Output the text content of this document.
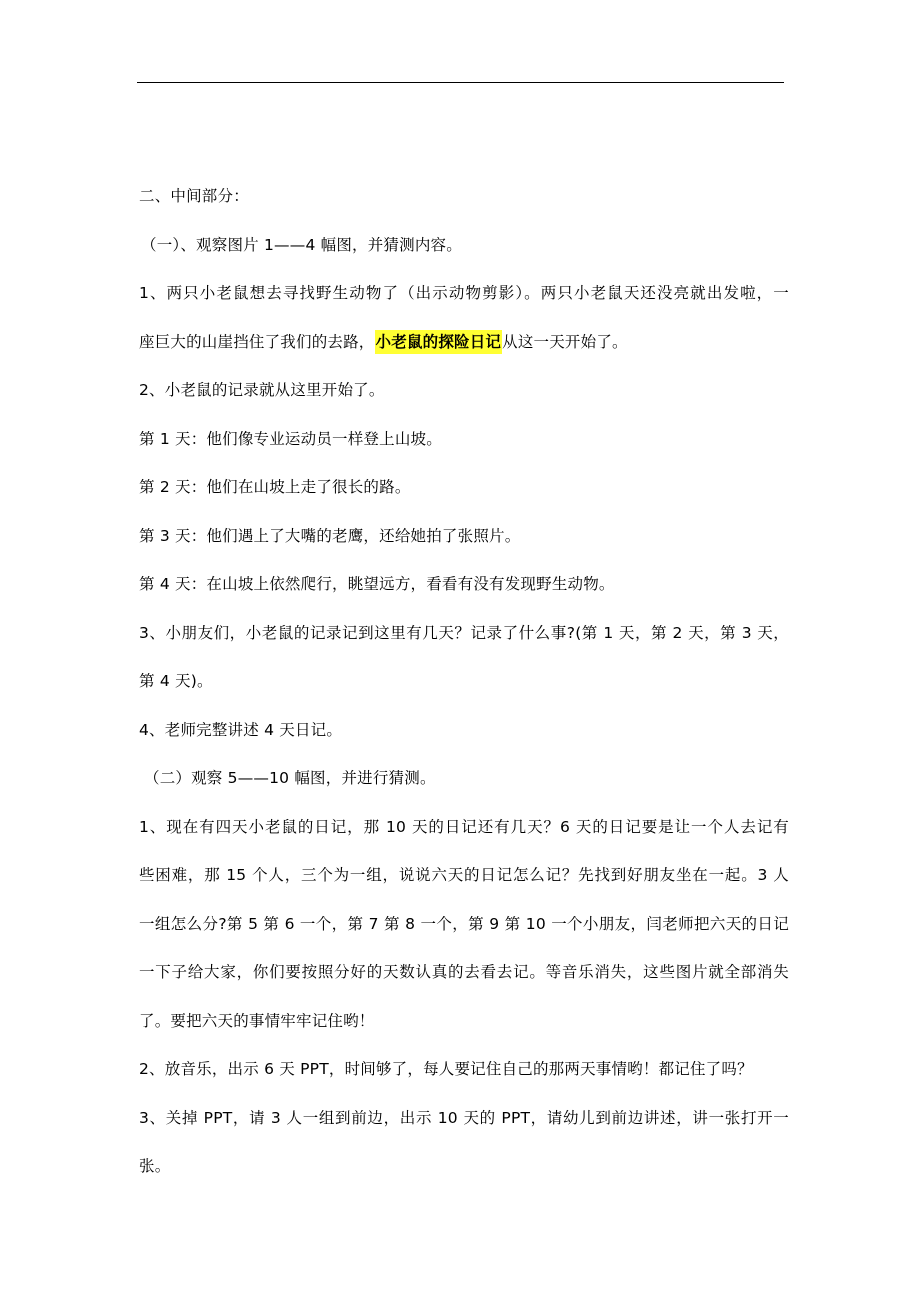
二、中间部分：
（一）、观察图片 1——4 幅图，并猜测内容。
1、两只小老鼠想去寻找野生动物了（出示动物剪影）。两只小老鼠天还没亮就出发啦，一
座巨大的山崖挡住了我们的去路，小老鼠的探险日记从这一天开始了。
2、小老鼠的记录就从这里开始了。
第 1 天：他们像专业运动员一样登上山坡。
第 2 天：他们在山坡上走了很长的路。
第 3 天：他们遇上了大嘴的老鹰，还给她拍了张照片。
第 4 天：在山坡上依然爬行，眺望远方，看看有没有发现野生动物。
3、小朋友们，小老鼠的记录记到这里有几天？记录了什么事?(第 1 天，第 2 天，第 3 天，
第 4 天)。
4、老师完整讲述 4 天日记。
（二）观察 5——10 幅图，并进行猜测。
1、现在有四天小老鼠的日记，那 10 天的日记还有几天？6 天的日记要是让一个人去记有
些困难，那 15 个人，三个为一组，说说六天的日记怎么记？先找到好朋友坐在一起。3 人
一组怎么分?第 5 第 6 一个，第 7 第 8 一个，第 9 第 10 一个小朋友，闫老师把六天的日记
一下子给大家，你们要按照分好的天数认真的去看去记。等音乐消失，这些图片就全部消失
了。要把六天的事情牢牢记住哟！
2、放音乐，出示 6 天 PPT，时间够了，每人要记住自己的那两天事情哟！都记住了吗？
3、关掉 PPT，请 3 人一组到前边，出示 10 天的 PPT，请幼儿到前边讲述，讲一张打开一
张。
